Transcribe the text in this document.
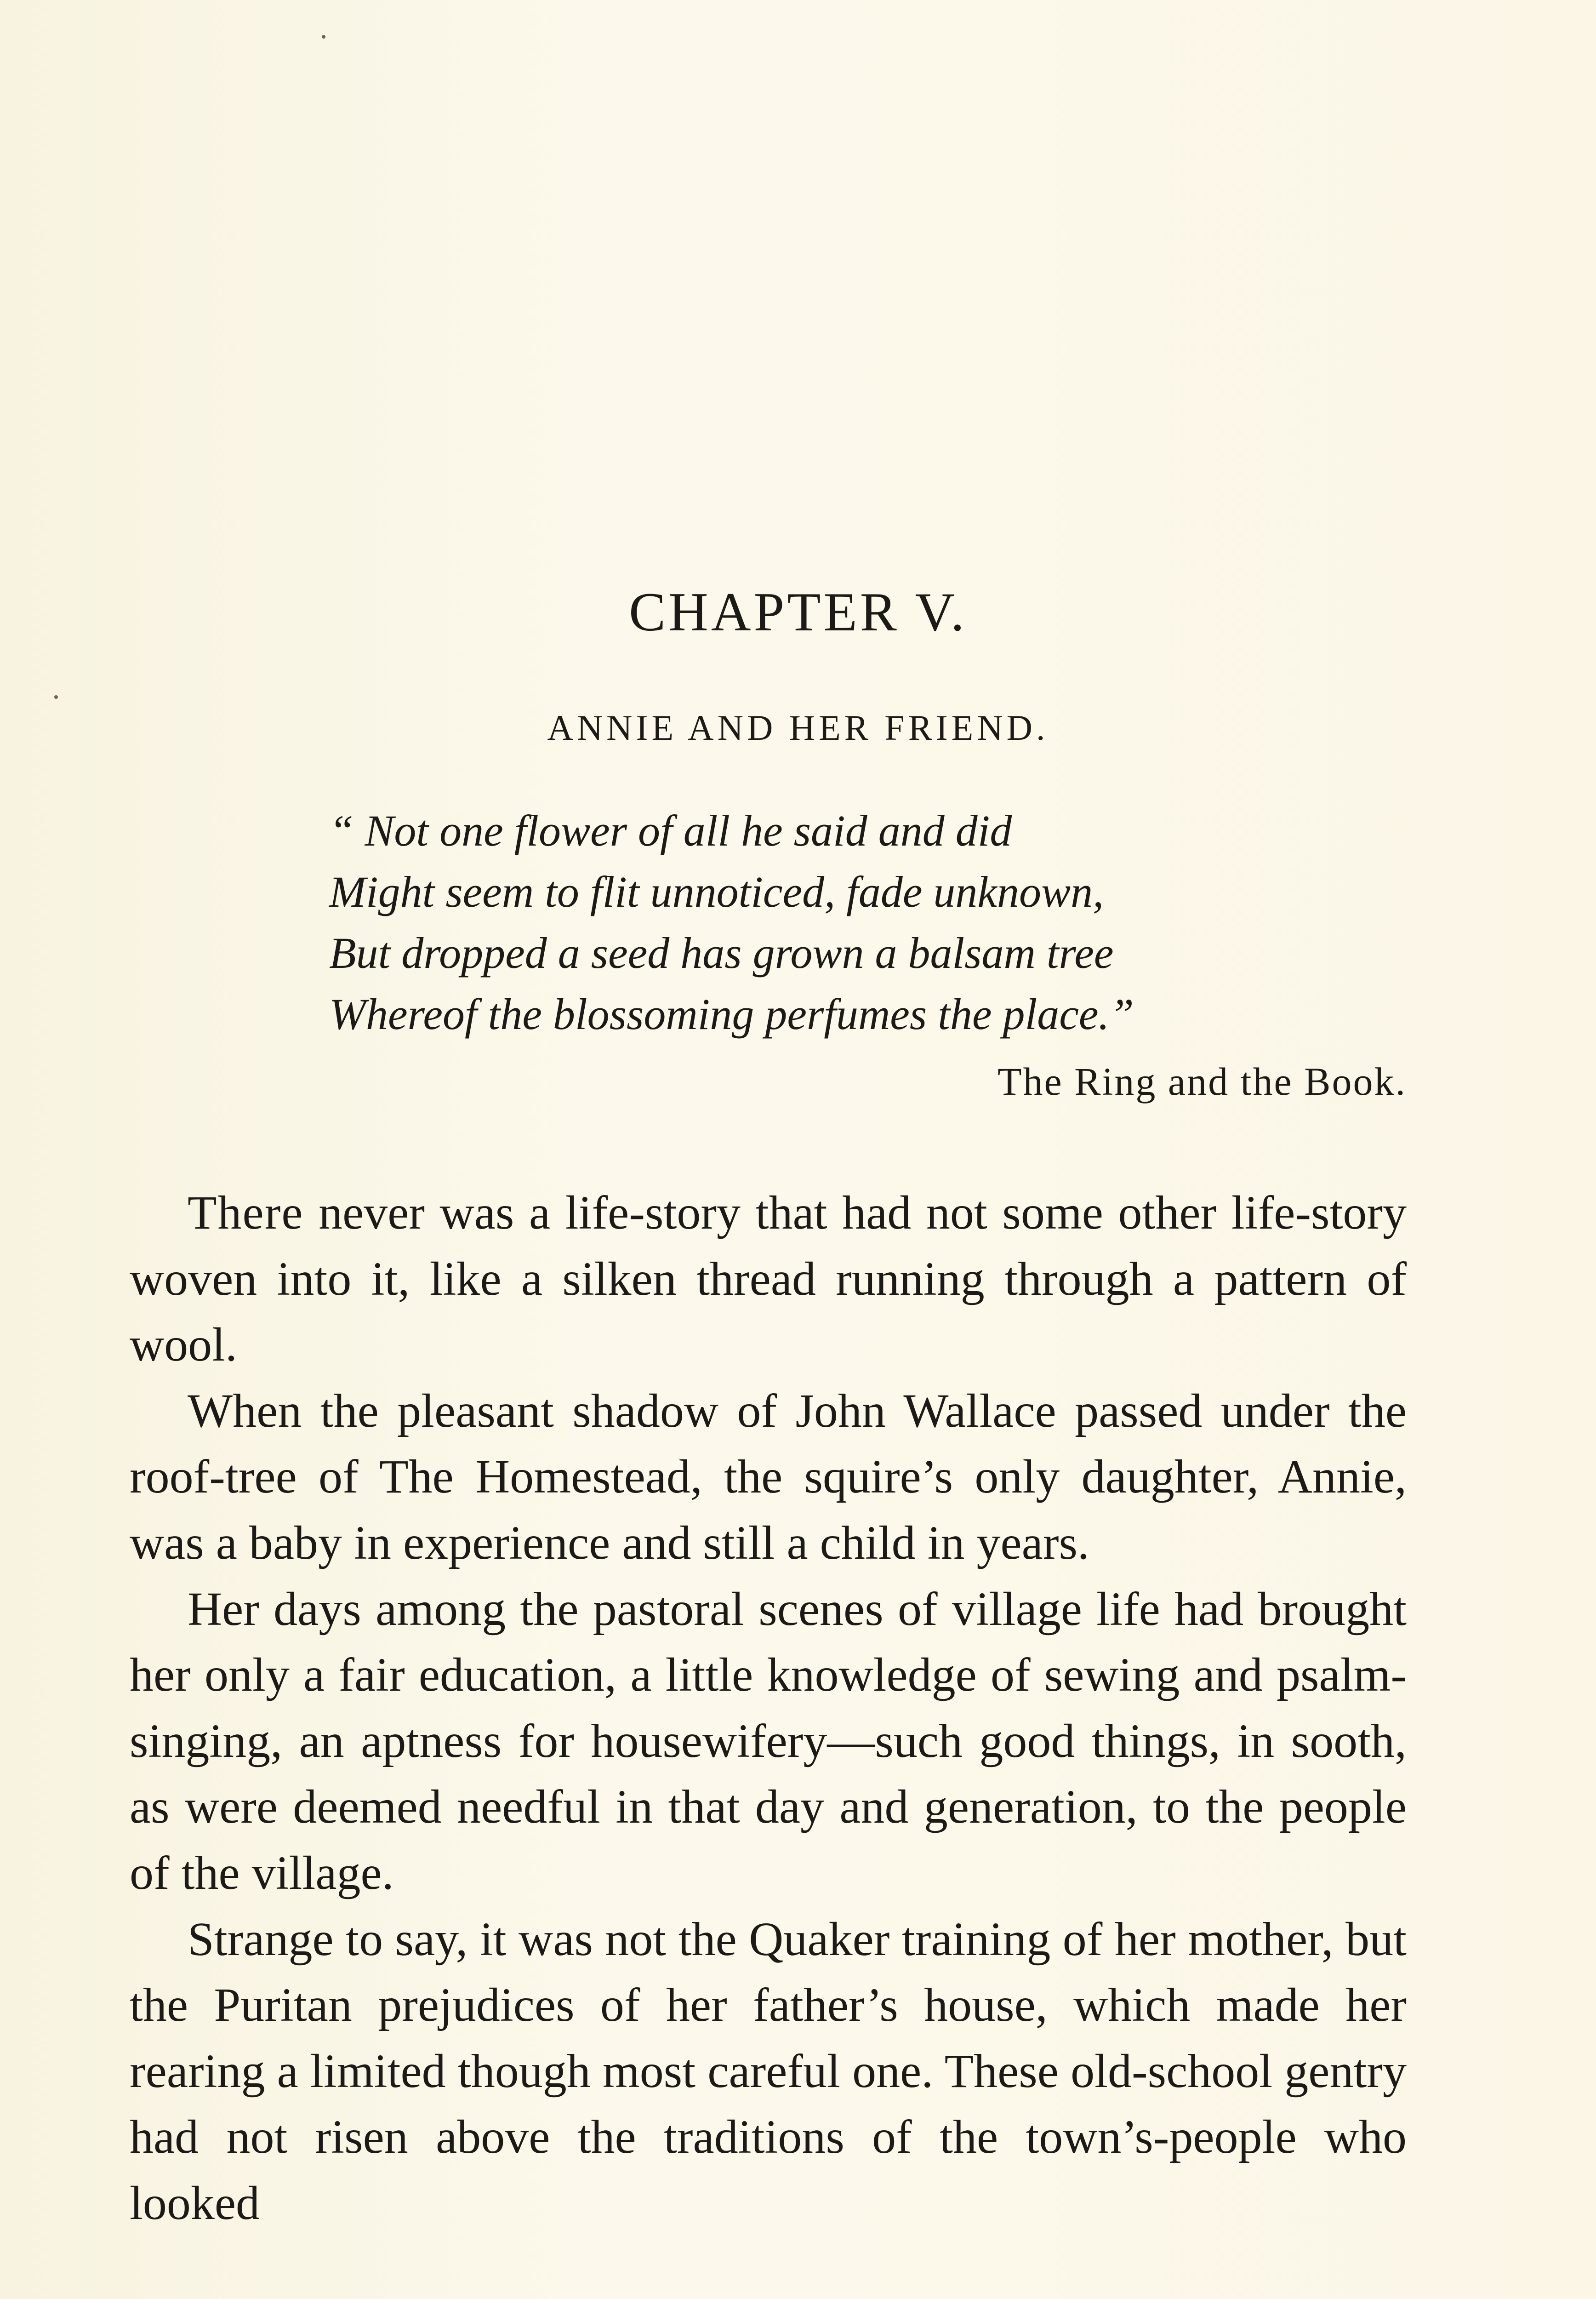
CHAPTER V.
ANNIE AND HER FRIEND.
“ Not one flower of all he said and did
Might seem to flit unnoticed, fade unknown,
But dropped a seed has grown a balsam tree
Whereof the blossoming perfumes the place.”
The Ring and the Book.

There never was a life-story that had not some other life-story woven into it, like a silken thread running through a pattern of wool.

When the pleasant shadow of John Wallace passed under the roof-tree of The Homestead, the squire’s only daughter, Annie, was a baby in experience and still a child in years.

Her days among the pastoral scenes of village life had brought her only a fair education, a little knowledge of sewing and psalm-singing, an aptness for housewifery—such good things, in sooth, as were deemed needful in that day and generation, to the people of the village.

Strange to say, it was not the Quaker training of her mother, but the Puritan prejudices of her father’s house, which made her rearing a limited though most careful one. These old-school gentry had not risen above the traditions of the town’s-people who looked
